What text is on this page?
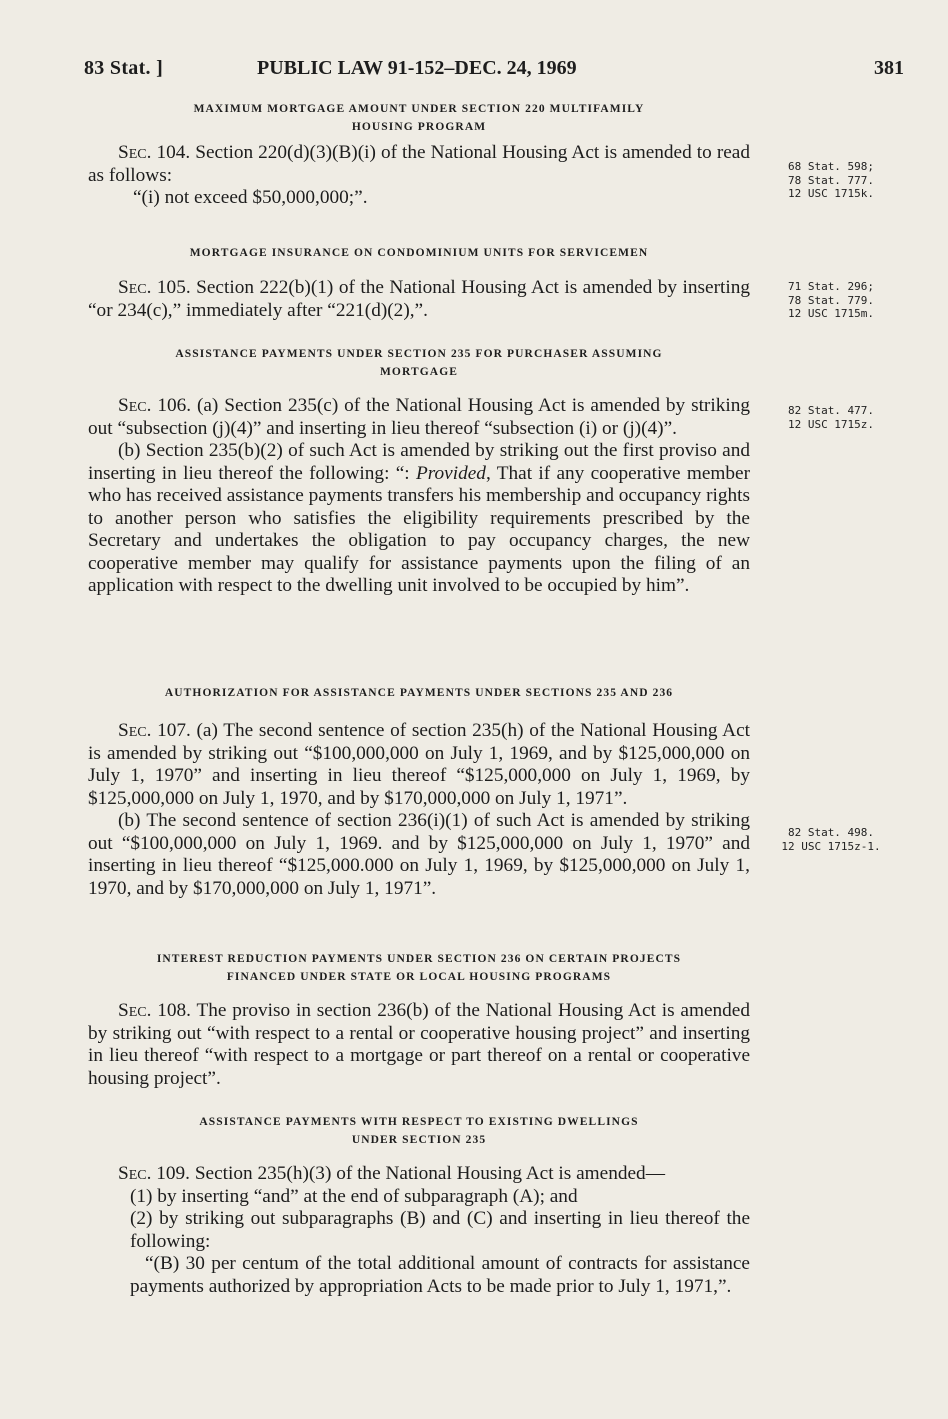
83 Stat. ]	PUBLIC LAW 91-152–DEC. 24, 1969	381

MAXIMUM MORTGAGE AMOUNT UNDER SECTION 220 MULTIFAMILY

HOUSING PROGRAM

Sec. 104. Section 220(d)(3)(B)(i) of the National Housing Act is amended to read as follows:

“(i) not exceed $50,000,000;”.

68 Stat. 598;
78 Stat. 777.
12 USC 1715k.

MORTGAGE INSURANCE ON CONDOMINIUM UNITS FOR SERVICEMEN

Sec. 105. Section 222(b)(1) of the National Housing Act is amended by inserting “or 234(c),” immediately after “221(d)(2),”.

71 Stat. 296;
78 Stat. 779.
12 USC 1715m.

ASSISTANCE PAYMENTS UNDER SECTION 235 FOR PURCHASER ASSUMING

MORTGAGE

Sec. 106. (a) Section 235(c) of the National Housing Act is amended by striking out “subsection (j)(4)” and inserting in lieu thereof “subsection (i) or (j)(4)”.

(b) Section 235(b)(2) of such Act is amended by striking out the first proviso and inserting in lieu thereof the following: “: Provided, That if any cooperative member who has received assistance payments transfers his membership and occupancy rights to another person who satisfies the eligibility requirements prescribed by the Secretary and undertakes the obligation to pay occupancy charges, the new cooperative member may qualify for assistance payments upon the filing of an application with respect to the dwelling unit involved to be occupied by him”.

82 Stat. 477.
12 USC 1715z.

AUTHORIZATION FOR ASSISTANCE PAYMENTS UNDER SECTIONS 235 AND 236

Sec. 107. (a) The second sentence of section 235(h) of the National Housing Act is amended by striking out “$100,000,000 on July 1, 1969, and by $125,000,000 on July 1, 1970” and inserting in lieu thereof “$125,000,000 on July 1, 1969, by $125,000,000 on July 1, 1970, and by $170,000,000 on July 1, 1971”.

(b) The second sentence of section 236(i)(1) of such Act is amended by striking out “$100,000,000 on July 1, 1969. and by $125,000,000 on July 1, 1970” and inserting in lieu thereof “$125,000.000 on July 1, 1969, by $125,000,000 on July 1, 1970, and by $170,000,000 on July 1, 1971”.

82 Stat. 498.
12 USC 1715z-1.

INTEREST REDUCTION PAYMENTS UNDER SECTION 236 ON CERTAIN PROJECTS

FINANCED UNDER STATE OR LOCAL HOUSING PROGRAMS

Sec. 108. The proviso in section 236(b) of the National Housing Act is amended by striking out “with respect to a rental or cooperative housing project” and inserting in lieu thereof “with respect to a mortgage or part thereof on a rental or cooperative housing project”.

ASSISTANCE PAYMENTS WITH RESPECT TO EXISTING DWELLINGS

UNDER SECTION 235

Sec. 109. Section 235(h)(3) of the National Housing Act is amended—

(1) by inserting “and” at the end of subparagraph (A); and

(2) by striking out subparagraphs (B) and (C) and inserting in lieu thereof the following:

“(B) 30 per centum of the total additional amount of contracts for assistance payments authorized by appropriation Acts to be made prior to July 1, 1971,”.
